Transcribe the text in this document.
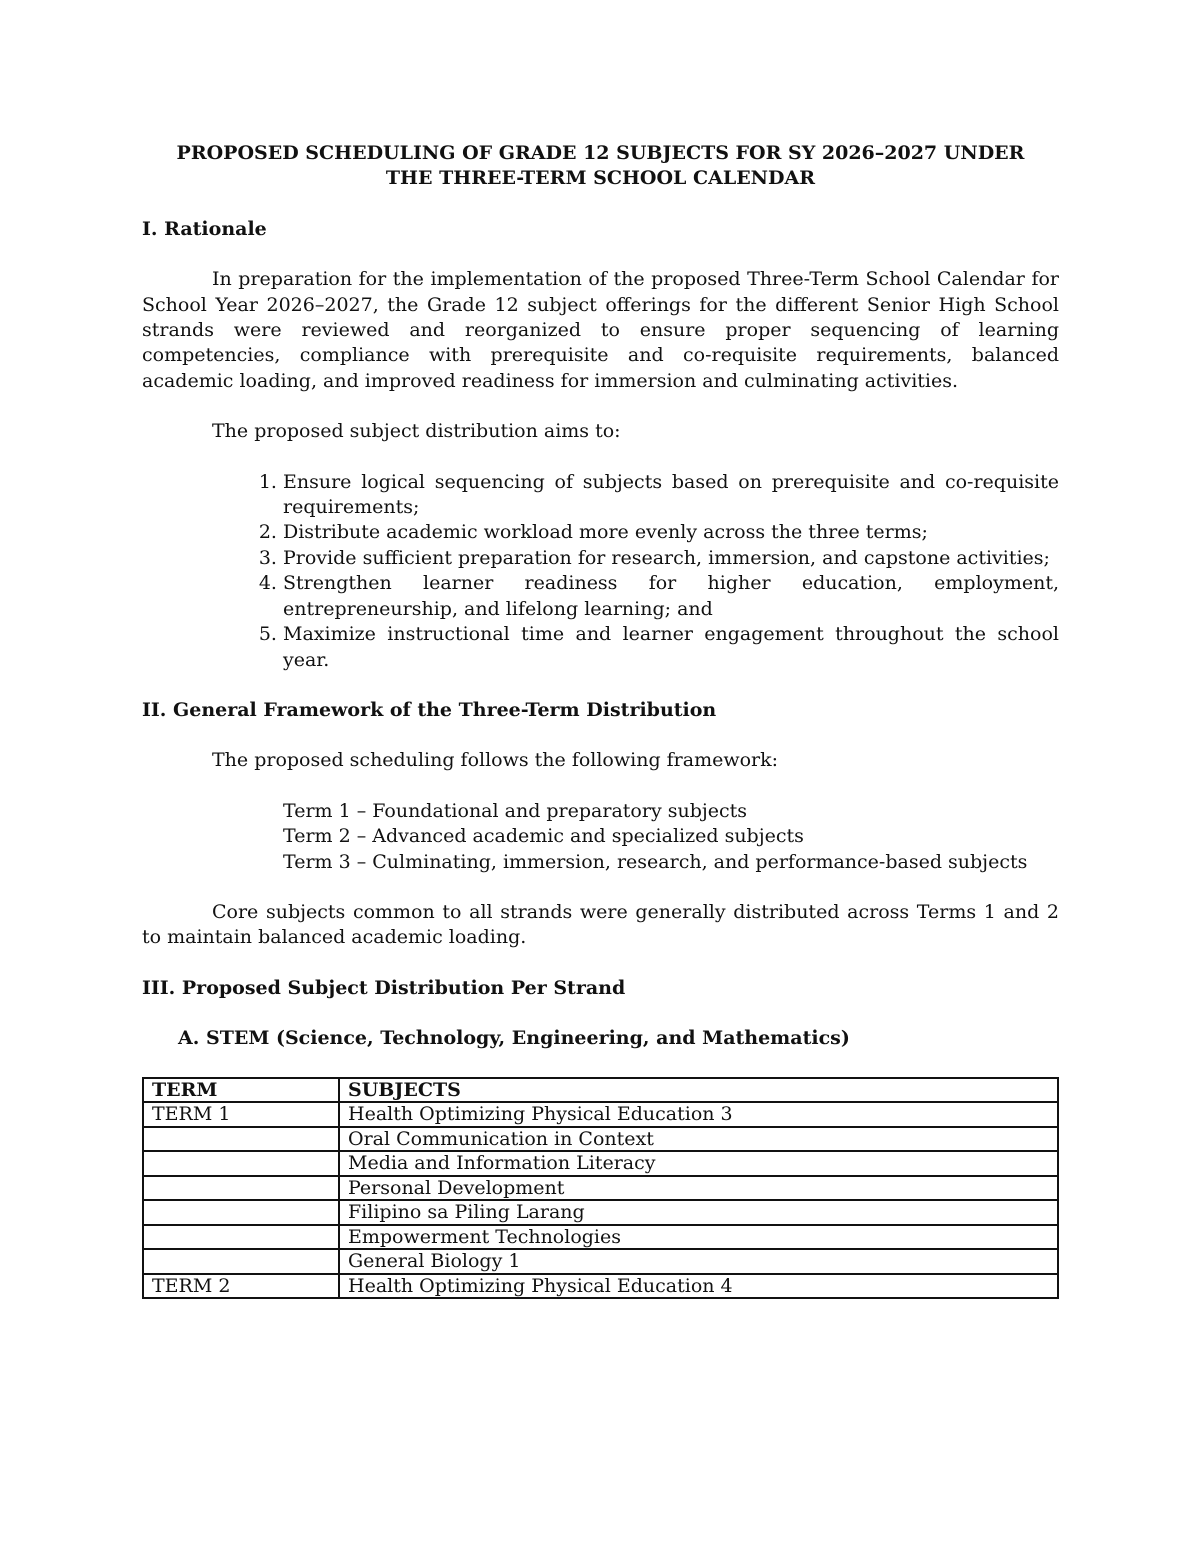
PROPOSED SCHEDULING OF GRADE 12 SUBJECTS FOR SY 2026–2027 UNDER
THE THREE-TERM SCHOOL CALENDAR
I. Rationale

In preparation for the implementation of the proposed Three-Term School Calendar for School Year 2026–2027, the Grade 12 subject offerings for the different Senior High School strands were reviewed and reorganized to ensure proper sequencing of learning competencies, compliance with prerequisite and co-requisite requirements, balanced academic loading, and improved readiness for immersion and culminating activities.

The proposed subject distribution aims to:

1. Ensure logical sequencing of subjects based on prerequisite and co-requisite requirements;
2. Distribute academic workload more evenly across the three terms;
3. Provide sufficient preparation for research, immersion, and capstone activities;
4. Strengthen learner readiness for higher education, employment, entrepreneurship, and lifelong learning; and
5. Maximize instructional time and learner engagement throughout the school year.
II. General Framework of the Three-Term Distribution

The proposed scheduling follows the following framework:

Term 1 – Foundational and preparatory subjects
Term 2 – Advanced academic and specialized subjects
Term 3 – Culminating, immersion, research, and performance-based subjects

Core subjects common to all strands were generally distributed across Terms 1 and 2 to maintain balanced academic loading.

III. Proposed Subject Distribution Per Strand
A. STEM (Science, Technology, Engineering, and Mathematics)
TERM	SUBJECTS
TERM 1	Health Optimizing Physical Education 3
	Oral Communication in Context
	Media and Information Literacy
	Personal Development
	Filipino sa Piling Larang
	Empowerment Technologies
	General Biology 1
TERM 2	Health Optimizing Physical Education 4
